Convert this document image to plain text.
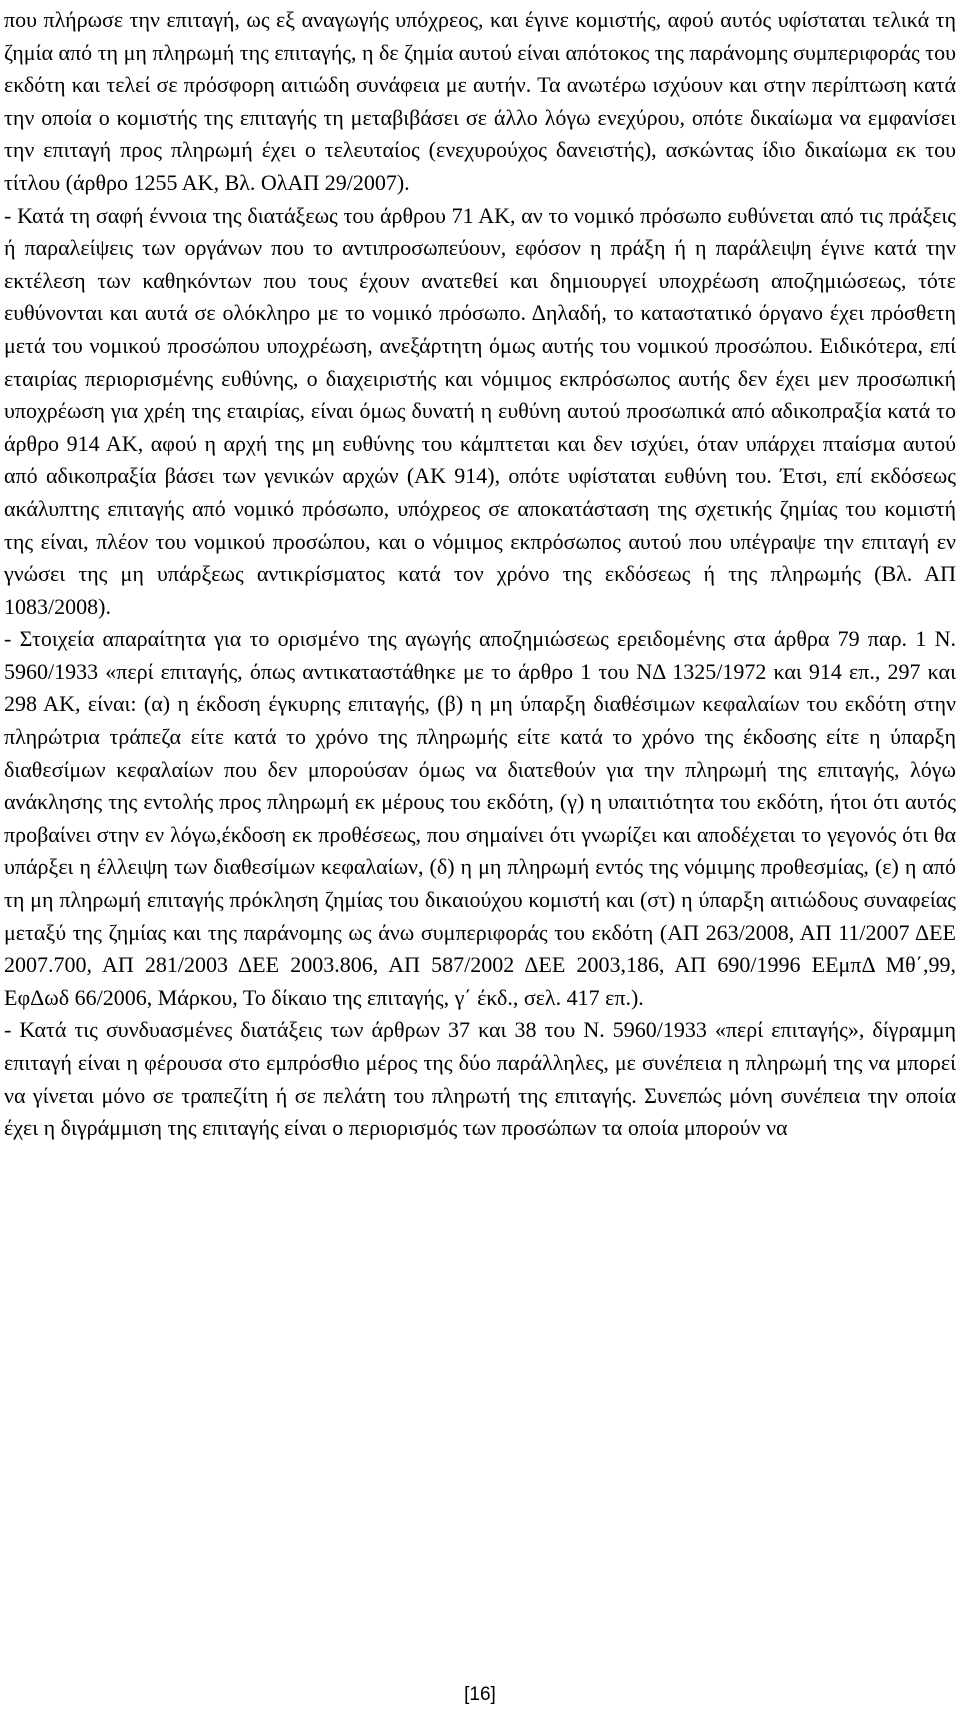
που πλήρωσε την επιταγή, ως εξ αναγωγής υπόχρεος, και έγινε κομιστής, αφού αυτός υφίσταται τελικά τη ζημία από τη μη πληρωμή της επιταγής, η δε ζημία αυτού είναι απότοκος της παράνομης συμπεριφοράς του εκδότη και τελεί σε πρόσφορη αιτιώδη συνάφεια με αυτήν. Τα ανωτέρω ισχύουν και στην περίπτωση κατά την οποία ο κομιστής της επιταγής τη μεταβιβάσει σε άλλο λόγω ενεχύρου, οπότε δικαίωμα να εμφανίσει την επιταγή προς πληρωμή έχει ο τελευταίος (ενεχυρούχος δανειστής), ασκώντας ίδιο δικαίωμα εκ του τίτλου (άρθρο 1255 ΑΚ, Βλ. ΟλΑΠ 29/2007).

- Κατά τη σαφή έννοια της διατάξεως του άρθρου 71 ΑΚ, αν το νομικό πρόσωπο ευθύνεται από τις πράξεις ή παραλείψεις των οργάνων που το αντιπροσωπεύουν, εφόσον η πράξη ή η παράλειψη έγινε κατά την εκτέλεση των καθηκόντων που τους έχουν ανατεθεί και δημιουργεί υποχρέωση αποζημιώσεως, τότε ευθύνονται και αυτά σε ολόκληρο με το νομικό πρόσωπο. Δηλαδή, το καταστατικό όργανο έχει πρόσθετη μετά του νομικού προσώπου υποχρέωση, ανεξάρτητη όμως αυτής του νομικού προσώπου. Ειδικότερα, επί εταιρίας περιορισμένης ευθύνης, ο διαχειριστής και νόμιμος εκπρόσωπος αυτής δεν έχει μεν προσωπική υποχρέωση για χρέη της εταιρίας, είναι όμως δυνατή η ευθύνη αυτού προσωπικά από αδικοπραξία κατά το άρθρο 914 ΑΚ, αφού η αρχή της μη ευθύνης του κάμπτεται και δεν ισχύει, όταν υπάρχει πταίσμα αυτού από αδικοπραξία βάσει των γενικών αρχών (ΑΚ 914), οπότε υφίσταται ευθύνη του. Έτσι, επί εκδόσεως ακάλυπτης επιταγής από νομικό πρόσωπο, υπόχρεος σε αποκατάσταση της σχετικής ζημίας του κομιστή της είναι, πλέον του νομικού προσώπου, και ο νόμιμος εκπρόσωπος αυτού που υπέγραψε την επιταγή εν γνώσει της μη υπάρξεως αντικρίσματος κατά τον χρόνο της εκδόσεως ή της πληρωμής (Βλ. ΑΠ 1083/2008).

- Στοιχεία απαραίτητα για το ορισμένο της αγωγής αποζημιώσεως ερειδομένης στα άρθρα 79 παρ. 1 Ν. 5960/1933 «περί επιταγής, όπως αντικαταστάθηκε με το άρθρο 1 του ΝΔ 1325/1972 και 914 επ., 297 και 298 ΑΚ, είναι: (α) η έκδοση έγκυρης επιταγής, (β) η μη ύπαρξη διαθέσιμων κεφαλαίων του εκδότη στην πληρώτρια τράπεζα είτε κατά το χρόνο της πληρωμής είτε κατά το χρόνο της έκδοσης είτε η ύπαρξη διαθεσίμων κεφαλαίων που δεν μπορούσαν όμως να διατεθούν για την πληρωμή της επιταγής, λόγω ανάκλησης της εντολής προς πληρωμή εκ μέρους του εκδότη, (γ) η υπαιτιότητα του εκδότη, ήτοι ότι αυτός προβαίνει στην εν λόγω,έκδοση εκ προθέσεως, που σημαίνει ότι γνωρίζει και αποδέχεται το γεγονός ότι θα υπάρξει η έλλειψη των διαθεσίμων κεφαλαίων, (δ) η μη πληρωμή εντός της νόμιμης προθεσμίας, (ε) η από τη μη πληρωμή επιταγής πρόκληση ζημίας του δικαιούχου κομιστή και (στ) η ύπαρξη αιτιώδους συναφείας μεταξύ της ζημίας και της παράνομης ως άνω συμπεριφοράς του εκδότη (ΑΠ 263/2008, ΑΠ 11/2007 ΔΕΕ 2007.700, ΑΠ 281/2003 ΔΕΕ 2003.806, ΑΠ 587/2002 ΔΕΕ 2003,186, ΑΠ 690/1996 ΕΕμπΔ Μθ΄,99, ΕφΔωδ 66/2006, Μάρκου, Το δίκαιο της επιταγής, γ΄ έκδ., σελ. 417 επ.).

- Κατά τις συνδυασμένες διατάξεις των άρθρων 37 και 38 του Ν. 5960/1933 «περί επιταγής», δίγραμμη επιταγή είναι η φέρουσα στο εμπρόσθιο μέρος της δύο παράλληλες, με συνέπεια η πληρωμή της να μπορεί να γίνεται μόνο σε τραπεζίτη ή σε πελάτη του πληρωτή της επιταγής. Συνεπώς μόνη συνέπεια την οποία έχει η διγράμμιση της επιταγής είναι ο περιορισμός των προσώπων τα οποία μπορούν να

[16]
